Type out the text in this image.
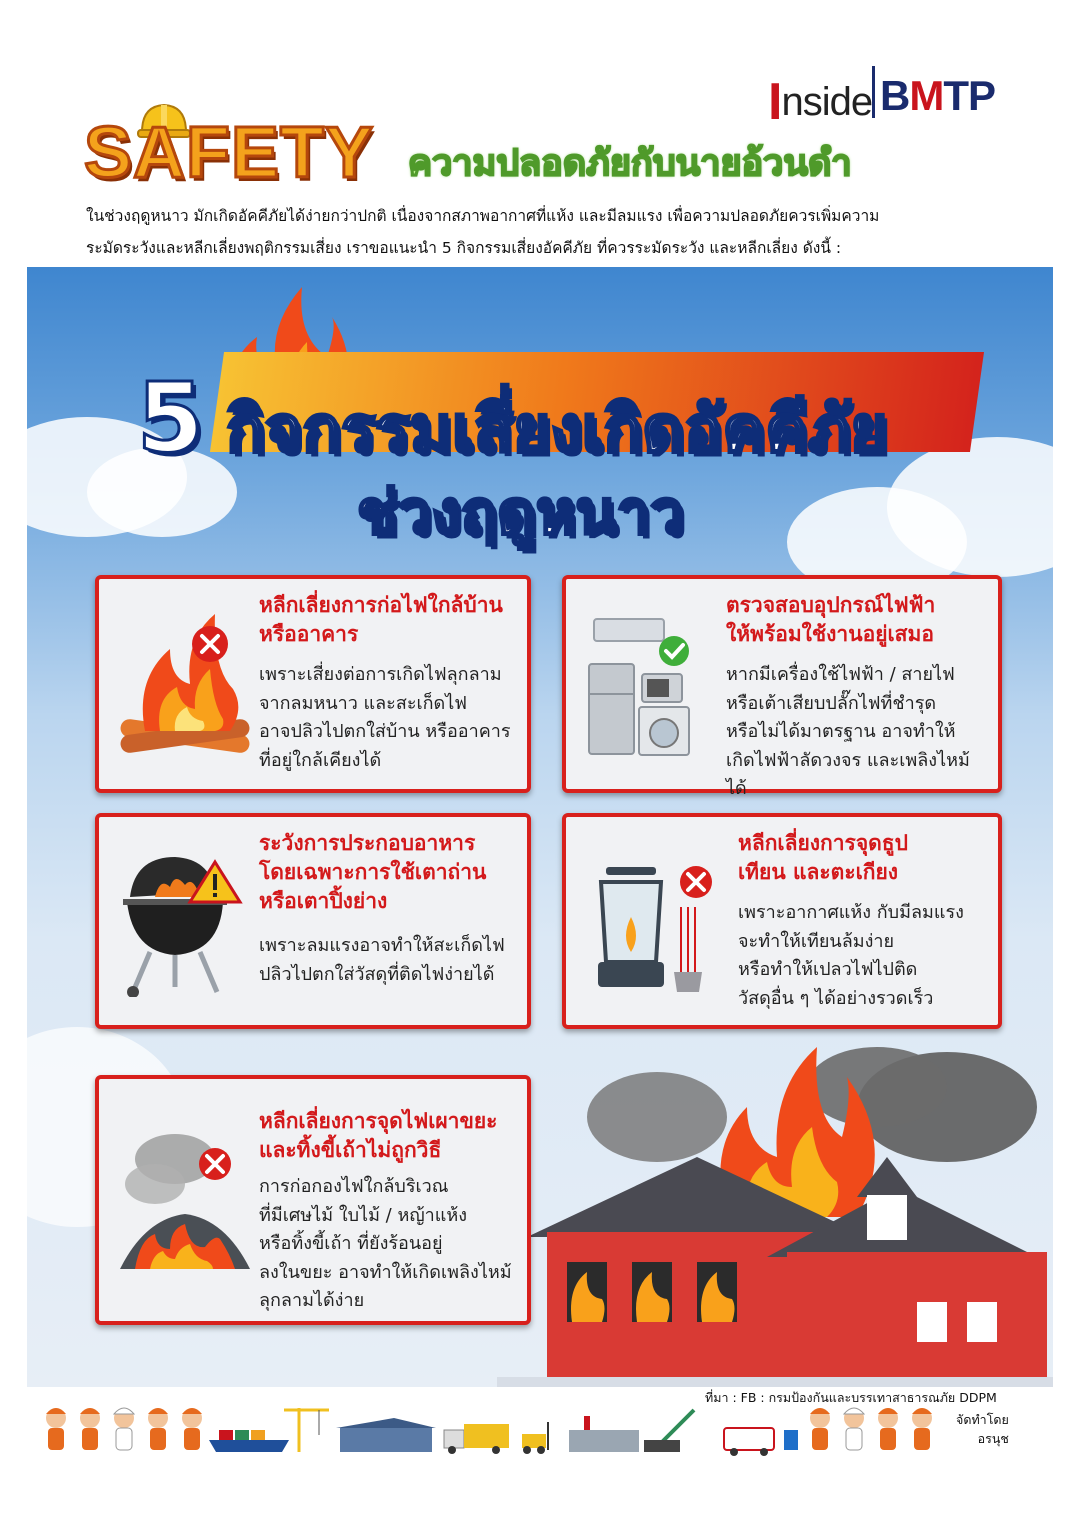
Inside BMTP
SAFETY ความปลอดภัยกับนายอ้วนดำ

ในช่วงฤดูหนาว มักเกิดอัคคีภัยได้ง่ายกว่าปกติ เนื่องจากสภาพอากาศที่แห้ง และมีลมแรง เพื่อความปลอดภัยควรเพิ่มความ

ระมัดระวังและหลีกเลี่ยงพฤติกรรมเสี่ยง เราขอแนะนำ 5 กิจกรรมเสี่ยงอัคคีภัย ที่ควรระมัดระวัง และหลีกเลี่ยง ดังนี้ :

5 กิจกรรมเสี่ยงเกิดอัคคีภัย
ช่วงฤดูหนาว
หลีกเลี่ยงการก่อไฟใกล้บ้าน
หรืออาคาร
เพราะเสี่ยงต่อการเกิดไฟลุกลาม
จากลมหนาว และสะเก็ดไฟ
อาจปลิวไปตกใส่บ้าน หรืออาคาร
ที่อยู่ใกล้เคียงได้
ตรวจสอบอุปกรณ์ไฟฟ้า
ให้พร้อมใช้งานอยู่เสมอ
หากมีเครื่องใช้ไฟฟ้า / สายไฟ
หรือเต้าเสียบปลั๊กไฟที่ชำรุด
หรือไม่ได้มาตรฐาน อาจทำให้
เกิดไฟฟ้าลัดวงจร และเพลิงไหม้ได้
ระวังการประกอบอาหาร
โดยเฉพาะการใช้เตาถ่าน
หรือเตาปิ้งย่าง
เพราะลมแรงอาจทำให้สะเก็ดไฟ
ปลิวไปตกใส่วัสดุที่ติดไฟง่ายได้
หลีกเลี่ยงการจุดธูป
เทียน และตะเกียง
เพราะอากาศแห้ง กับมีลมแรง
จะทำให้เทียนล้มง่าย
หรือทำให้เปลวไฟไปติด
วัสดุอื่น ๆ ได้อย่างรวดเร็ว
หลีกเลี่ยงการจุดไฟเผาขยะ
และทิ้งขี้เถ้าไม่ถูกวิธี
การก่อกองไฟใกล้บริเวณ
ที่มีเศษไม้ ใบไม้ / หญ้าแห้ง
หรือทิ้งขี้เถ้า ที่ยังร้อนอยู่
ลงในขยะ อาจทำให้เกิดเพลิงไหม้
ลุกลามได้ง่าย
ที่มา : FB : กรมป้องกันและบรรเทาสาธารณภัย DDPM
จัดทำโดย
อรนุช
